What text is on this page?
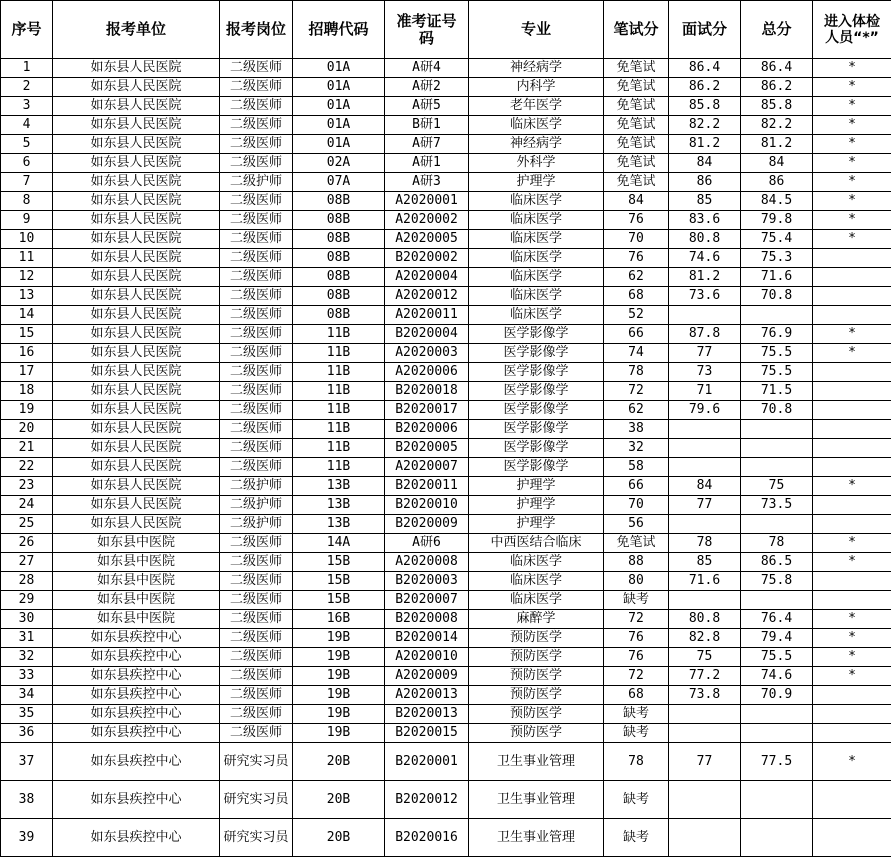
序号	报考单位	报考岗位	招聘代码	准考证号码	专业	笔试分	面试分	总分	进入体检人员“*”
1	如东县人民医院	二级医师	01A	A研4	神经病学	免笔试	86.4	86.4	*
2	如东县人民医院	二级医师	01A	A研2	内科学	免笔试	86.2	86.2	*
3	如东县人民医院	二级医师	01A	A研5	老年医学	免笔试	85.8	85.8	*
4	如东县人民医院	二级医师	01A	B研1	临床医学	免笔试	82.2	82.2	*
5	如东县人民医院	二级医师	01A	A研7	神经病学	免笔试	81.2	81.2	*
6	如东县人民医院	二级医师	02A	A研1	外科学	免笔试	84	84	*
7	如东县人民医院	二级护师	07A	A研3	护理学	免笔试	86	86	*
8	如东县人民医院	二级医师	08B	A2020001	临床医学	84	85	84.5	*
9	如东县人民医院	二级医师	08B	A2020002	临床医学	76	83.6	79.8	*
10	如东县人民医院	二级医师	08B	A2020005	临床医学	70	80.8	75.4	*
11	如东县人民医院	二级医师	08B	B2020002	临床医学	76	74.6	75.3	
12	如东县人民医院	二级医师	08B	A2020004	临床医学	62	81.2	71.6	
13	如东县人民医院	二级医师	08B	A2020012	临床医学	68	73.6	70.8	
14	如东县人民医院	二级医师	08B	A2020011	临床医学	52			
15	如东县人民医院	二级医师	11B	B2020004	医学影像学	66	87.8	76.9	*
16	如东县人民医院	二级医师	11B	A2020003	医学影像学	74	77	75.5	*
17	如东县人民医院	二级医师	11B	A2020006	医学影像学	78	73	75.5	
18	如东县人民医院	二级医师	11B	B2020018	医学影像学	72	71	71.5	
19	如东县人民医院	二级医师	11B	B2020017	医学影像学	62	79.6	70.8	
20	如东县人民医院	二级医师	11B	B2020006	医学影像学	38			
21	如东县人民医院	二级医师	11B	B2020005	医学影像学	32			
22	如东县人民医院	二级医师	11B	A2020007	医学影像学	58			
23	如东县人民医院	二级护师	13B	B2020011	护理学	66	84	75	*
24	如东县人民医院	二级护师	13B	B2020010	护理学	70	77	73.5	
25	如东县人民医院	二级护师	13B	B2020009	护理学	56			
26	如东县中医院	二级医师	14A	A研6	中西医结合临床	免笔试	78	78	*
27	如东县中医院	二级医师	15B	A2020008	临床医学	88	85	86.5	*
28	如东县中医院	二级医师	15B	B2020003	临床医学	80	71.6	75.8	
29	如东县中医院	二级医师	15B	B2020007	临床医学	缺考			
30	如东县中医院	二级医师	16B	B2020008	麻醉学	72	80.8	76.4	*
31	如东县疾控中心	二级医师	19B	B2020014	预防医学	76	82.8	79.4	*
32	如东县疾控中心	二级医师	19B	A2020010	预防医学	76	75	75.5	*
33	如东县疾控中心	二级医师	19B	A2020009	预防医学	72	77.2	74.6	*
34	如东县疾控中心	二级医师	19B	A2020013	预防医学	68	73.8	70.9	
35	如东县疾控中心	二级医师	19B	B2020013	预防医学	缺考			
36	如东县疾控中心	二级医师	19B	B2020015	预防医学	缺考			
37	如东县疾控中心	研究实习员	20B	B2020001	卫生事业管理	78	77	77.5	*
38	如东县疾控中心	研究实习员	20B	B2020012	卫生事业管理	缺考			
39	如东县疾控中心	研究实习员	20B	B2020016	卫生事业管理	缺考			
